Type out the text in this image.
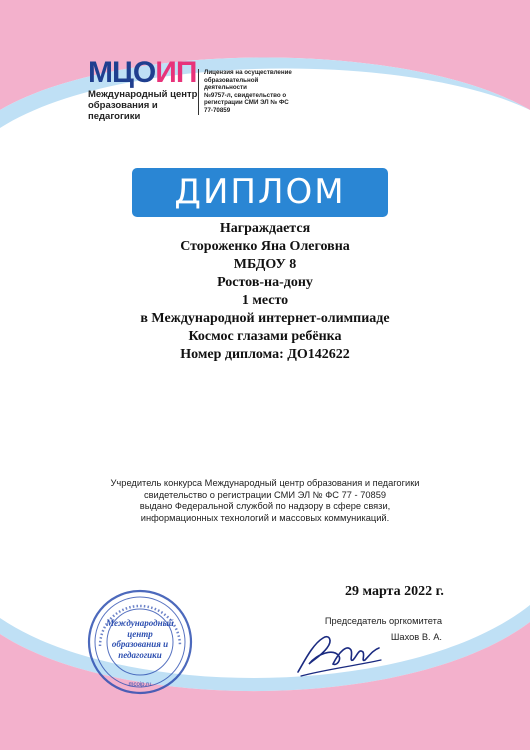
МЦОИП
Международный центр
образования и педагогики
Лицензия на осуществление
образовательной деятельности
№9757-л, свидетельство о
регистрации СМИ ЭЛ № ФС
77-70859
ДИПЛОМ
Награждается
Стороженко Яна Олеговна
МБДОУ 8
Ростов-на-дону
1 место
в Международной интернет-олимпиаде
Космос глазами ребёнка
Номер диплома: ДО142622
Учредитель конкурса Международный центр образования и педагогики
свидетельство о регистрации СМИ ЭЛ № ФС 77 - 70859
выдано Федеральной службой по надзору в сфере связи,
информационных технологий и массовых коммуникаций.
29 марта 2022 г.
Председатель оргкомитета
Шахов В. А.
mcoip.ru
Международный
центр
образования и
педагогики
